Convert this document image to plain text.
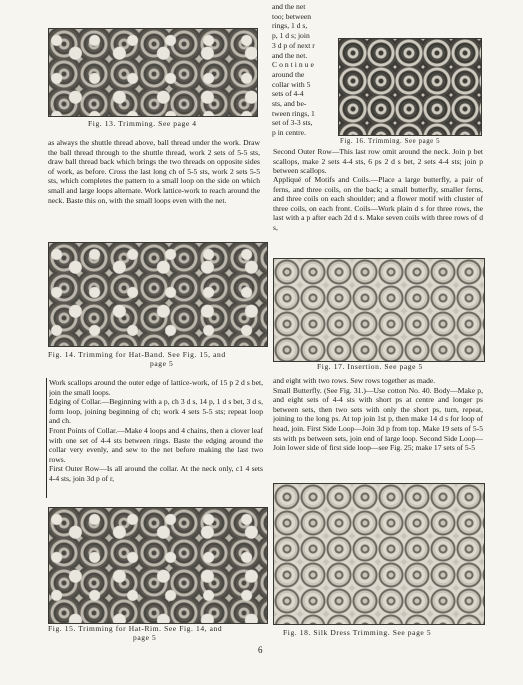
Fig. 13. Trimming. See page 4
Fig. 16. Trimming. See page 5
Fig. 14. Trimming for Hat-Band. See Fig. 15, and
page 5	Fig. 17. Insertion. See page 5
Fig. 15. Trimming for Hat-Rim. See Fig. 14, and
page 5
Fig. 18. Silk Dress Trimming. See page 5
and the net
too; between
rings, 1 d s,
p, 1 d s; join
3 d p of next r
and the net.
Continue
around the
collar with 5
sets of 4-4
sts, and be-
tween rings, 1
set of 3-3 sts,
p in centre.
as always the shuttle thread above, ball thread under the work. Draw the ball thread through to the shuttle thread, work 2 sets of 5-5 sts, draw ball thread back which brings the two threads on opposite sides of work, as before. Cross the last long ch of 5-5 sts, work 2 sets 5-5 sts, which completes the pattern to a small loop on the side on which small and large loops alternate. Work lattice-work to reach around the neck. Baste this on, with the small loops even with the net.
Second Outer Row—This last row omit around the neck. Join p bet scallops, make 2 sets 4-4 sts, 6 ps 2 d s bet, 2 sets 4-4 sts; join p between scallops.
Appliqué of Motifs and Coils.—Place a large butterfly, a pair of ferns, and three coils, on the back; a small butterfly, smaller ferns, and three coils on each shoulder; and a flower motif with cluster of three coils, on each front. Coils—Work plain d s for three rows, the last with a p after each 2d d s. Make seven coils with three rows of d s,

Work scallops around the outer edge of lattice-work, of 15 p 2 d s bet, join the small loops.

Edging of Collar.—Beginning with a p, ch 3 d s, 14 p, 1 d s bet, 3 d s, form loop, joining beginning of ch; work 4 sets 5-5 sts; repeat loop and ch.

Front Points of Collar.—Make 4 loops and 4 chains, then a clover leaf with one set of 4-4 sts between rings. Baste the edging around the collar very evenly, and sew to the net before making the last two rows.

First Outer Row—Is all around the collar. At the neck only, c1 4 sets 4-4 sts, join 3d p of r,

and eight with two rows. Sew rows together as made.

Small Butterfly. (See Fig. 31.)—Use cotton No. 40. Body—Make p, and eight sets of 4-4 sts with short ps at centre and longer ps between sets, then two sets with only the short ps, turn, repeat, joining to the long ps. At top join 1st p, then make 14 d s for loop of head, join. First Side Loop—Join 3d p from top. Make 19 sets of 5-5 sts with ps between sets, join end of large loop. Second Side Loop—Join lower side of first side loop—see Fig. 25; make 17 sets of 5-5

6
